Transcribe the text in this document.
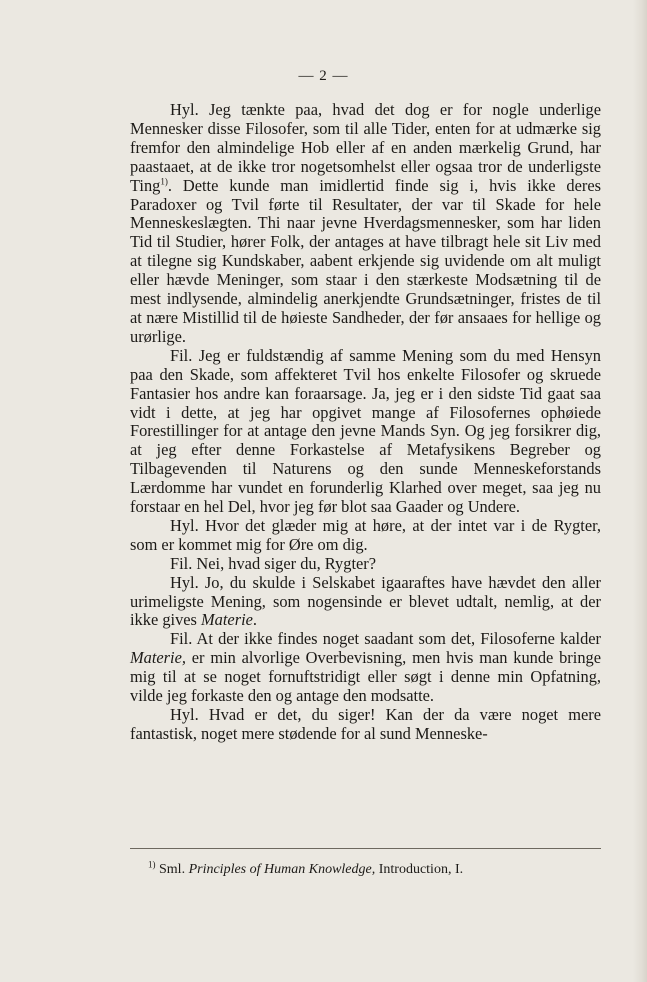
— 2 —

Hyl. Jeg tænkte paa, hvad det dog er for nogle underlige Mennesker disse Filosofer, som til alle Tider, enten for at udmærke sig fremfor den almindelige Hob eller af en anden mærkelig Grund, har paastaaet, at de ikke tror nogetsomhelst eller ogsaa tror de underligste Ting$^{1)}$. Dette kunde man imidlertid finde sig i, hvis ikke deres Paradoxer og Tvil førte til Resultater, der var til Skade for hele Menneskeslægten. Thi naar jevne Hverdagsmennesker, som har liden Tid til Studier, hører Folk, der antages at have tilbragt hele sit Liv med at tilegne sig Kundskaber, aabent erkjende sig uvidende om alt muligt eller hævde Meninger, som staar i den stærkeste Modsætning til de mest indlysende, almindelig anerkjendte Grundsætninger, fristes de til at nære Mistillid til de høieste Sandheder, der før ansaaes for hellige og urørlige.

Fil. Jeg er fuldstændig af samme Mening som du med Hensyn paa den Skade, som affekteret Tvil hos enkelte Filosofer og skruede Fantasier hos andre kan foraarsage. Ja, jeg er i den sidste Tid gaat saa vidt i dette, at jeg har opgivet mange af Filosofernes ophøiede Forestillinger for at antage den jevne Mands Syn. Og jeg forsikrer dig, at jeg efter denne Forkastelse af Metafysikens Begreber og Tilbagevenden til Naturens og den sunde Menneskeforstands Lærdomme har vundet en forunderlig Klarhed over meget, saa jeg nu forstaar en hel Del, hvor jeg før blot saa Gaader og Undere.

Hyl. Hvor det glæder mig at høre, at der intet var i de Rygter, som er kommet mig for Øre om dig.

Fil. Nei, hvad siger du, Rygter?

Hyl. Jo, du skulde i Selskabet igaaraftes have hævdet den aller urimeligste Mening, som nogensinde er blevet udtalt, nemlig, at der ikke gives Materie.

Fil. At der ikke findes noget saadant som det, Filosoferne kalder Materie, er min alvorlige Overbevisning, men hvis man kunde bringe mig til at se noget fornuftstridigt eller søgt i denne min Opfatning, vilde jeg forkaste den og antage den modsatte.

Hyl. Hvad er det, du siger! Kan der da være noget mere fantastisk, noget mere stødende for al sund Menneske-

$^{1)}$ Sml. Principles of Human Knowledge, Introduction, I.
